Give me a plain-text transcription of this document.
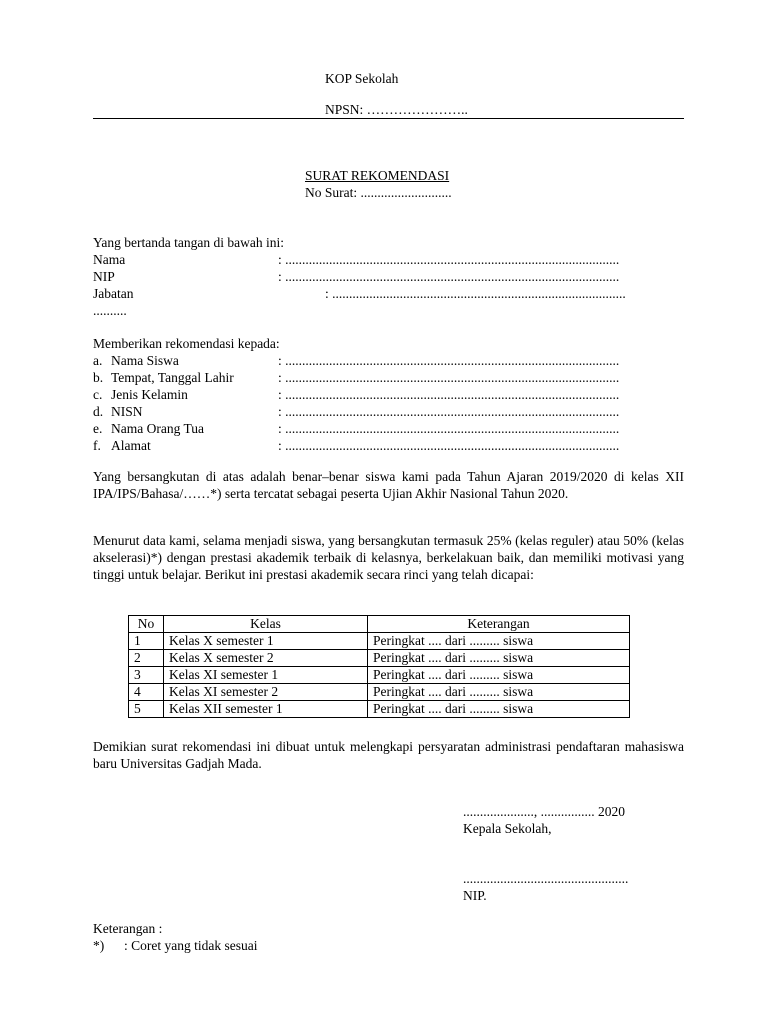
KOP Sekolah
NPSN: …………………..
SURAT REKOMENDASI
No Surat: ...........................
Yang bertanda tangan di bawah ini:
Nama	: ...................................................................................................
NIP	: ...................................................................................................
Jabatan	: .......................................................................................
..........
Memberikan rekomendasi kepada:
a. Nama Siswa	: ...................................................................................................
b. Tempat, Tanggal Lahir	: ...................................................................................................
c. Jenis Kelamin	: ...................................................................................................
d. NISN	: ...................................................................................................
e. Nama Orang Tua	: ...................................................................................................
f. Alamat	: ...................................................................................................
Yang bersangkutan di atas adalah benar–benar siswa kami pada Tahun Ajaran 2019/2020 di kelas XII IPA/IPS/Bahasa/……*) serta tercatat sebagai peserta Ujian Akhir Nasional Tahun 2020.
Menurut data kami, selama menjadi siswa, yang bersangkutan termasuk 25% (kelas reguler) atau 50% (kelas akselerasi)*) dengan prestasi akademik terbaik di kelasnya, berkelakuan baik, dan memiliki motivasi yang tinggi untuk belajar. Berikut ini prestasi akademik secara rinci yang telah dicapai:
No	Kelas	Keterangan
1	Kelas X semester 1	Peringkat .... dari ......... siswa
2	Kelas X semester 2	Peringkat .... dari ......... siswa
3	Kelas XI semester 1	Peringkat .... dari ......... siswa
4	Kelas XI semester 2	Peringkat .... dari ......... siswa
5	Kelas XII semester 1	Peringkat .... dari ......... siswa
Demikian surat rekomendasi ini dibuat untuk melengkapi persyaratan administrasi pendaftaran mahasiswa baru Universitas Gadjah Mada.
....................., ................ 2020
Kepala Sekolah,
.................................................
NIP.
Keterangan :
*) : Coret yang tidak sesuai
